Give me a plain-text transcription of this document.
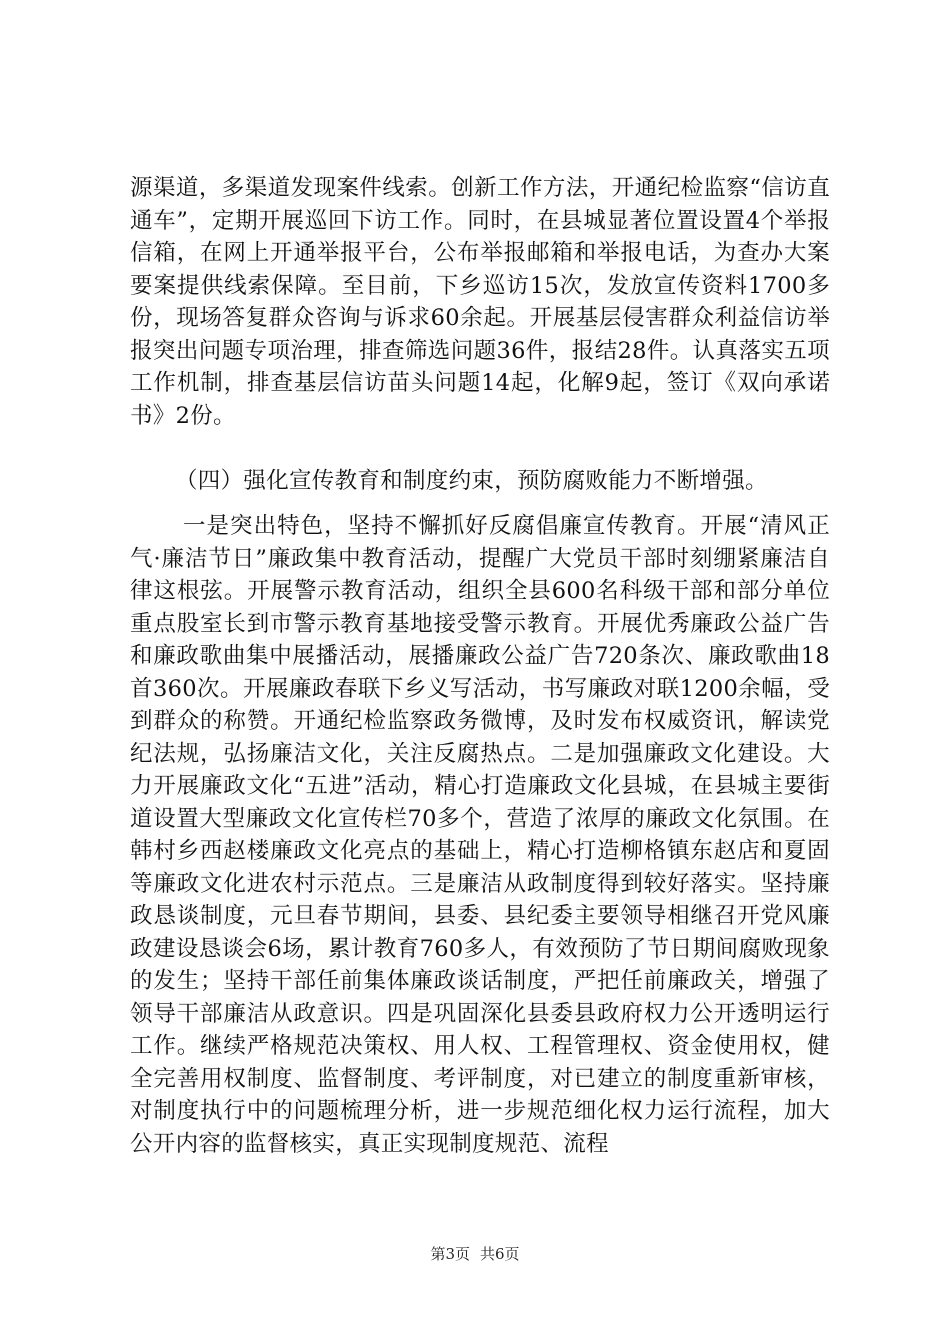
源渠道，多渠道发现案件线索。创新工作方法，开通纪检监察“信访直通车”，定期开展巡回下访工作。同时，在县城显著位置设置4个举报信箱，在网上开通举报平台，公布举报邮箱和举报电话，为查办大案要案提供线索保障。至目前，下乡巡访15次，发放宣传资料1700多份，现场答复群众咨询与诉求60余起。开展基层侵害群众利益信访举报突出问题专项治理，排查筛选问题36件，报结28件。认真落实五项工作机制，排查基层信访苗头问题14起，化解9起，签订《双向承诺书》2份。

（四）强化宣传教育和制度约束，预防腐败能力不断增强。

一是突出特色，坚持不懈抓好反腐倡廉宣传教育。开展“清风正气·廉洁节日”廉政集中教育活动，提醒广大党员干部时刻绷紧廉洁自律这根弦。开展警示教育活动，组织全县600名科级干部和部分单位重点股室长到市警示教育基地接受警示教育。开展优秀廉政公益广告和廉政歌曲集中展播活动，展播廉政公益广告720条次、廉政歌曲18首360次。开展廉政春联下乡义写活动，书写廉政对联1200余幅，受到群众的称赞。开通纪检监察政务微博，及时发布权威资讯，解读党纪法规，弘扬廉洁文化，关注反腐热点。二是加强廉政文化建设。大力开展廉政文化“五进”活动，精心打造廉政文化县城，在县城主要街道设置大型廉政文化宣传栏70多个，营造了浓厚的廉政文化氛围。在韩村乡西赵楼廉政文化亮点的基础上，精心打造柳格镇东赵店和夏固等廉政文化进农村示范点。三是廉洁从政制度得到较好落实。坚持廉政恳谈制度，元旦春节期间，县委、县纪委主要领导相继召开党风廉政建设恳谈会6场，累计教育760多人，有效预防了节日期间腐败现象的发生；坚持干部任前集体廉政谈话制度，严把任前廉政关，增强了领导干部廉洁从政意识。四是巩固深化县委县政府权力公开透明运行工作。继续严格规范决策权、用人权、工程管理权、资金使用权，健全完善用权制度、监督制度、考评制度，对已建立的制度重新审核，对制度执行中的问题梳理分析，进一步规范细化权力运行流程，加大公开内容的监督核实，真正实现制度规范、流程

第3页 共6页
